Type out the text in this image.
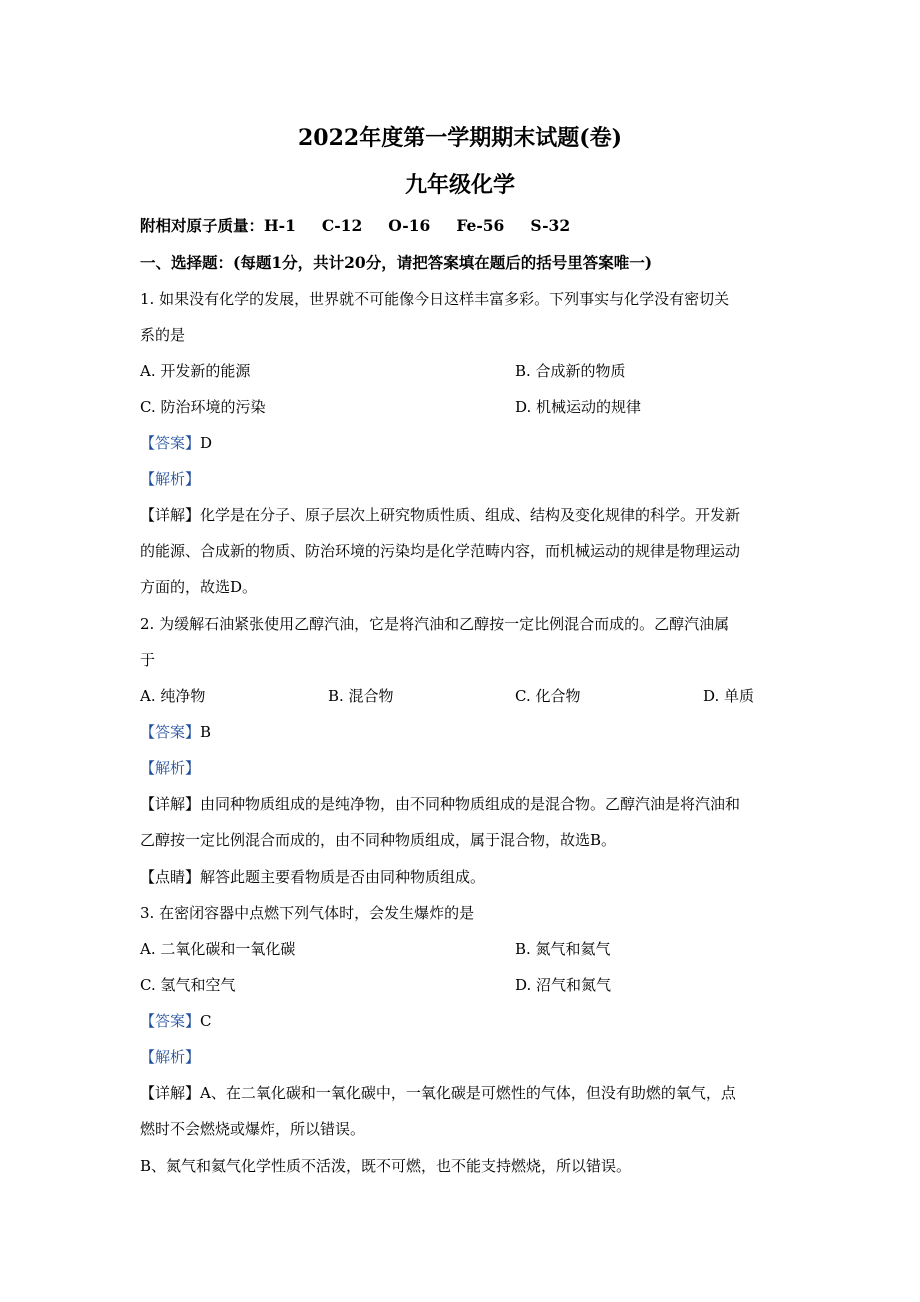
2022年度第一学期期末试题(卷)
九年级化学
附相对原子质量：H-1 C-12 O-16 Fe-56 S-32
一、选择题：(每题1分，共计20分，请把答案填在题后的括号里答案唯一)
1. 如果没有化学的发展，世界就不可能像今日这样丰富多彩。下列事实与化学没有密切关
系的是
A. 开发新的能源	B. 合成新的物质
C. 防治环境的污染	D. 机械运动的规律
【答案】D
【解析】
【详解】化学是在分子、原子层次上研究物质性质、组成、结构及变化规律的科学。开发新
的能源、合成新的物质、防治环境的污染均是化学范畴内容，而机械运动的规律是物理运动
方面的，故选D。
2. 为缓解石油紧张使用乙醇汽油，它是将汽油和乙醇按一定比例混合而成的。乙醇汽油属
于
A. 纯净物	B. 混合物	C. 化合物	D. 单质
【答案】B
【解析】
【详解】由同种物质组成的是纯净物，由不同种物质组成的是混合物。乙醇汽油是将汽油和
乙醇按一定比例混合而成的，由不同种物质组成，属于混合物，故选B。
【点睛】解答此题主要看物质是否由同种物质组成。
3. 在密闭容器中点燃下列气体时，会发生爆炸的是
A. 二氧化碳和一氧化碳	B. 氮气和氦气
C. 氢气和空气	D. 沼气和氮气
【答案】C
【解析】
【详解】A、在二氧化碳和一氧化碳中，一氧化碳是可燃性的气体，但没有助燃的氧气，点
燃时不会燃烧或爆炸，所以错误。
B、氮气和氦气化学性质不活泼，既不可燃，也不能支持燃烧，所以错误。
